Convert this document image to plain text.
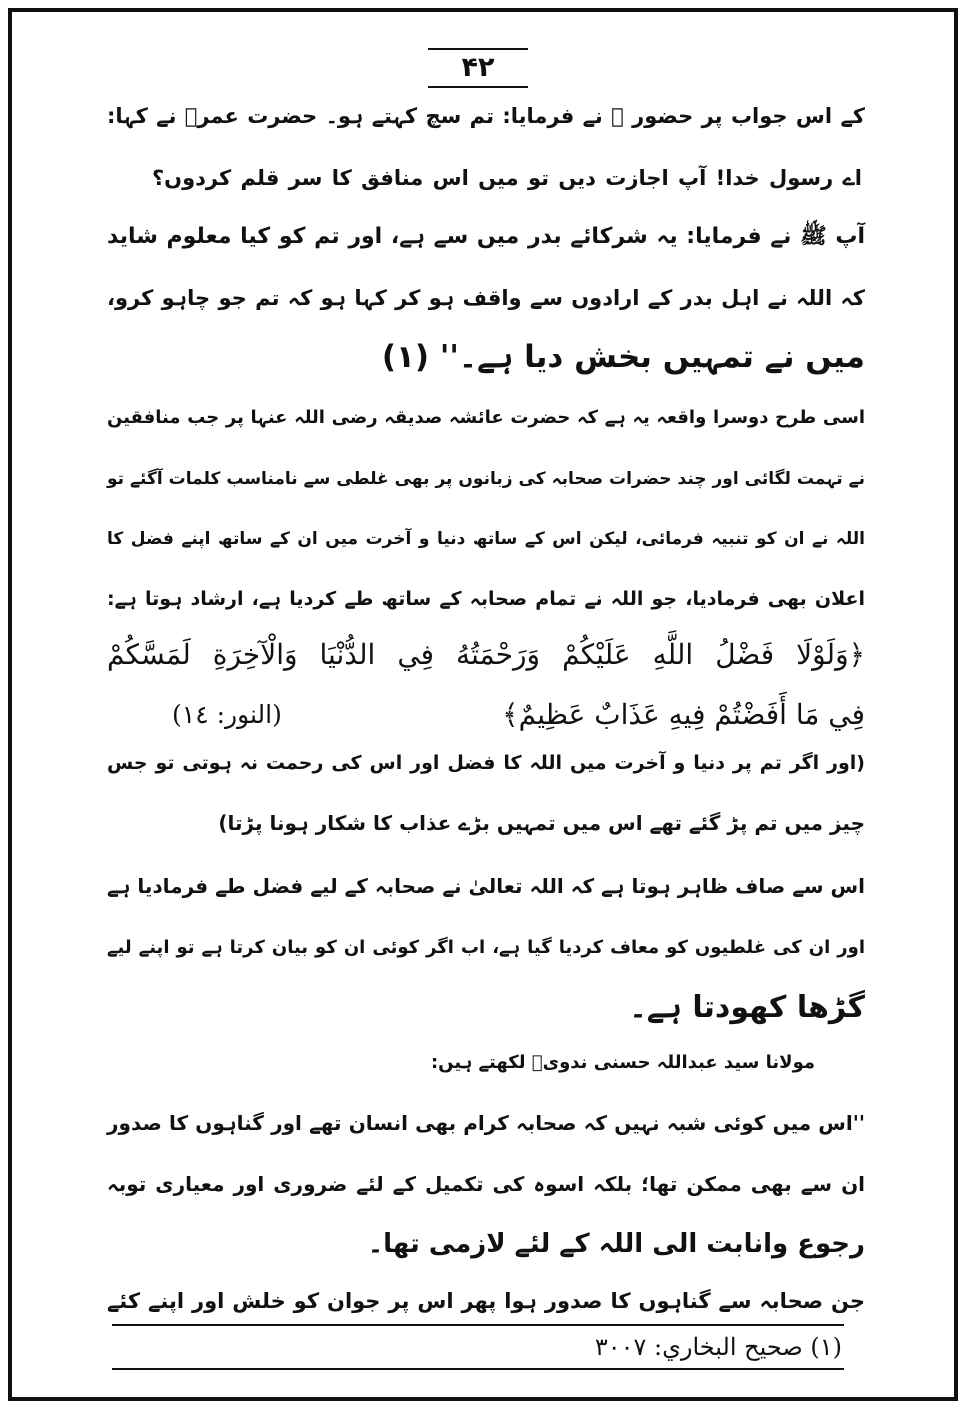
۴۲
کے اس جواب پر حضور ﷺ نے فرمایا: تم سچ کہتے ہو۔ حضرت عمرؓ نے کہا:
اے رسول خدا! آپ اجازت دیں تو میں اس منافق کا سر قلم کردوں؟
آپ ﷺ نے فرمایا: یہ شرکائے بدر میں سے ہے، اور تم کو کیا معلوم شاید
کہ اللہ نے اہل بدر کے ارادوں سے واقف ہو کر کہا ہو کہ تم جو چاہو کرو،
میں نے تمہیں بخش دیا ہے۔'' (۱)
اسی طرح دوسرا واقعہ یہ ہے کہ حضرت عائشہ صدیقہ رضی اللہ عنہا پر جب منافقین
نے تہمت لگائی اور چند حضرات صحابہ کی زبانوں پر بھی غلطی سے نامناسب کلمات آگئے تو
اللہ نے ان کو تنبیہ فرمائی، لیکن اس کے ساتھ دنیا و آخرت میں ان کے ساتھ اپنے فضل کا
اعلان بھی فرمادیا، جو اللہ نے تمام صحابہ کے ساتھ طے کردیا ہے، ارشاد ہوتا ہے:
﴿وَلَوْلَا فَضْلُ اللَّهِ عَلَيْكُمْ وَرَحْمَتُهُ فِي الدُّنْيَا وَالْآخِرَةِ لَمَسَّكُمْ
فِي مَا أَفَضْتُمْ فِيهِ عَذَابٌ عَظِيمٌ﴾
(النور: ١٤)
(اور اگر تم پر دنیا و آخرت میں اللہ کا فضل اور اس کی رحمت نہ ہوتی تو جس
چیز میں تم پڑ گئے تھے اس میں تمہیں بڑے عذاب کا شکار ہونا پڑتا)
اس سے صاف ظاہر ہوتا ہے کہ اللہ تعالیٰ نے صحابہ کے لیے فضل طے فرمادیا ہے
اور ان کی غلطیوں کو معاف کردیا گیا ہے، اب اگر کوئی ان کو بیان کرتا ہے تو اپنے لیے
گڑھا کھودتا ہے۔
مولانا سید عبداللہ حسنی ندویؒ لکھتے ہیں:
''اس میں کوئی شبہ نہیں کہ صحابہ کرام بھی انسان تھے اور گناہوں کا صدور
ان سے بھی ممکن تھا؛ بلکہ اسوہ کی تکمیل کے لئے ضروری اور معیاری توبہ
رجوع وانابت الی اللہ کے لئے لازمی تھا۔
جن صحابہ سے گناہوں کا صدور ہوا پھر اس پر جوان کو خلش اور اپنے کئے
(۱) صحيح البخاري: ٣٠٠٧
